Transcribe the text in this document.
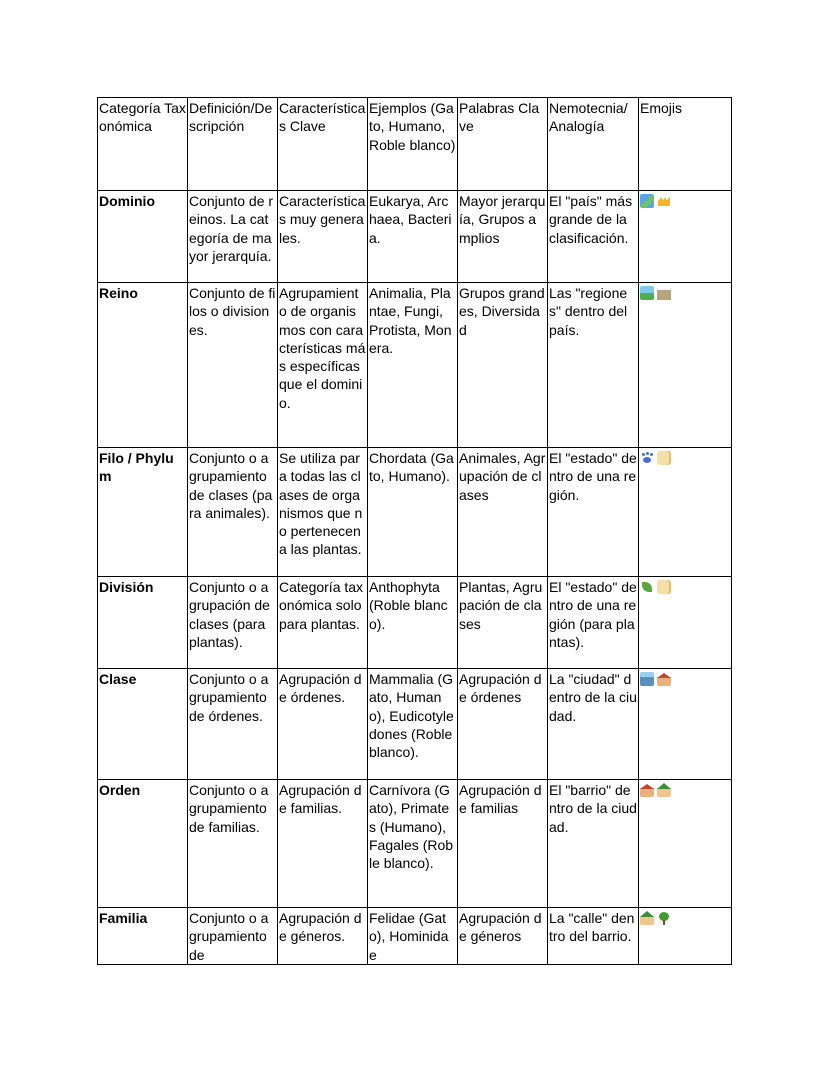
Categoría Taxonómica	Definición/Descripción	Características Clave	Ejemplos (Gato, Humano, Roble blanco)	Palabras Clave	Nemotecnia/ Analogía	Emojis
Dominio	Conjunto de reinos. La categoría de mayor jerarquía.	Características muy generales.	Eukarya, Archaea, Bacteria.	Mayor jerarquía, Grupos amplios	El "país" más grande de la clasificación.	
Reino	Conjunto de filos o divisiones.	Agrupamiento de organismos con características más específicas que el dominio.	Animalia, Plantae, Fungi, Protista, Monera.	Grupos grandes, Diversidad	Las "regiones" dentro del país.	
Filo / Phylum	Conjunto o agrupamiento de clases (para animales).	Se utiliza para todas las clases de organismos que no pertenecen a las plantas.	Chordata (Gato, Humano).	Animales, Agrupación de clases	El "estado" dentro de una región.	
División	Conjunto o agrupación de clases (para plantas).	Categoría taxonómica solo para plantas.	Anthophyta (Roble blanco).	Plantas, Agrupación de clases	El "estado" dentro de una región (para plantas).	
Clase	Conjunto o agrupamiento de órdenes.	Agrupación de órdenes.	Mammalia (Gato, Humano), Eudicotyledones (Roble blanco).	Agrupación de órdenes	La "ciudad" dentro de la ciudad.	
Orden	Conjunto o agrupamiento de familias.	Agrupación de familias.	Carnívora (Gato), Primates (Humano), Fagales (Roble blanco).	Agrupación de familias	El "barrio" dentro de la ciudad.	
Familia	Conjunto o agrupamiento de	Agrupación de géneros.	Felidae (Gato), Hominidae	Agrupación de géneros	La "calle" dentro del barrio.	
